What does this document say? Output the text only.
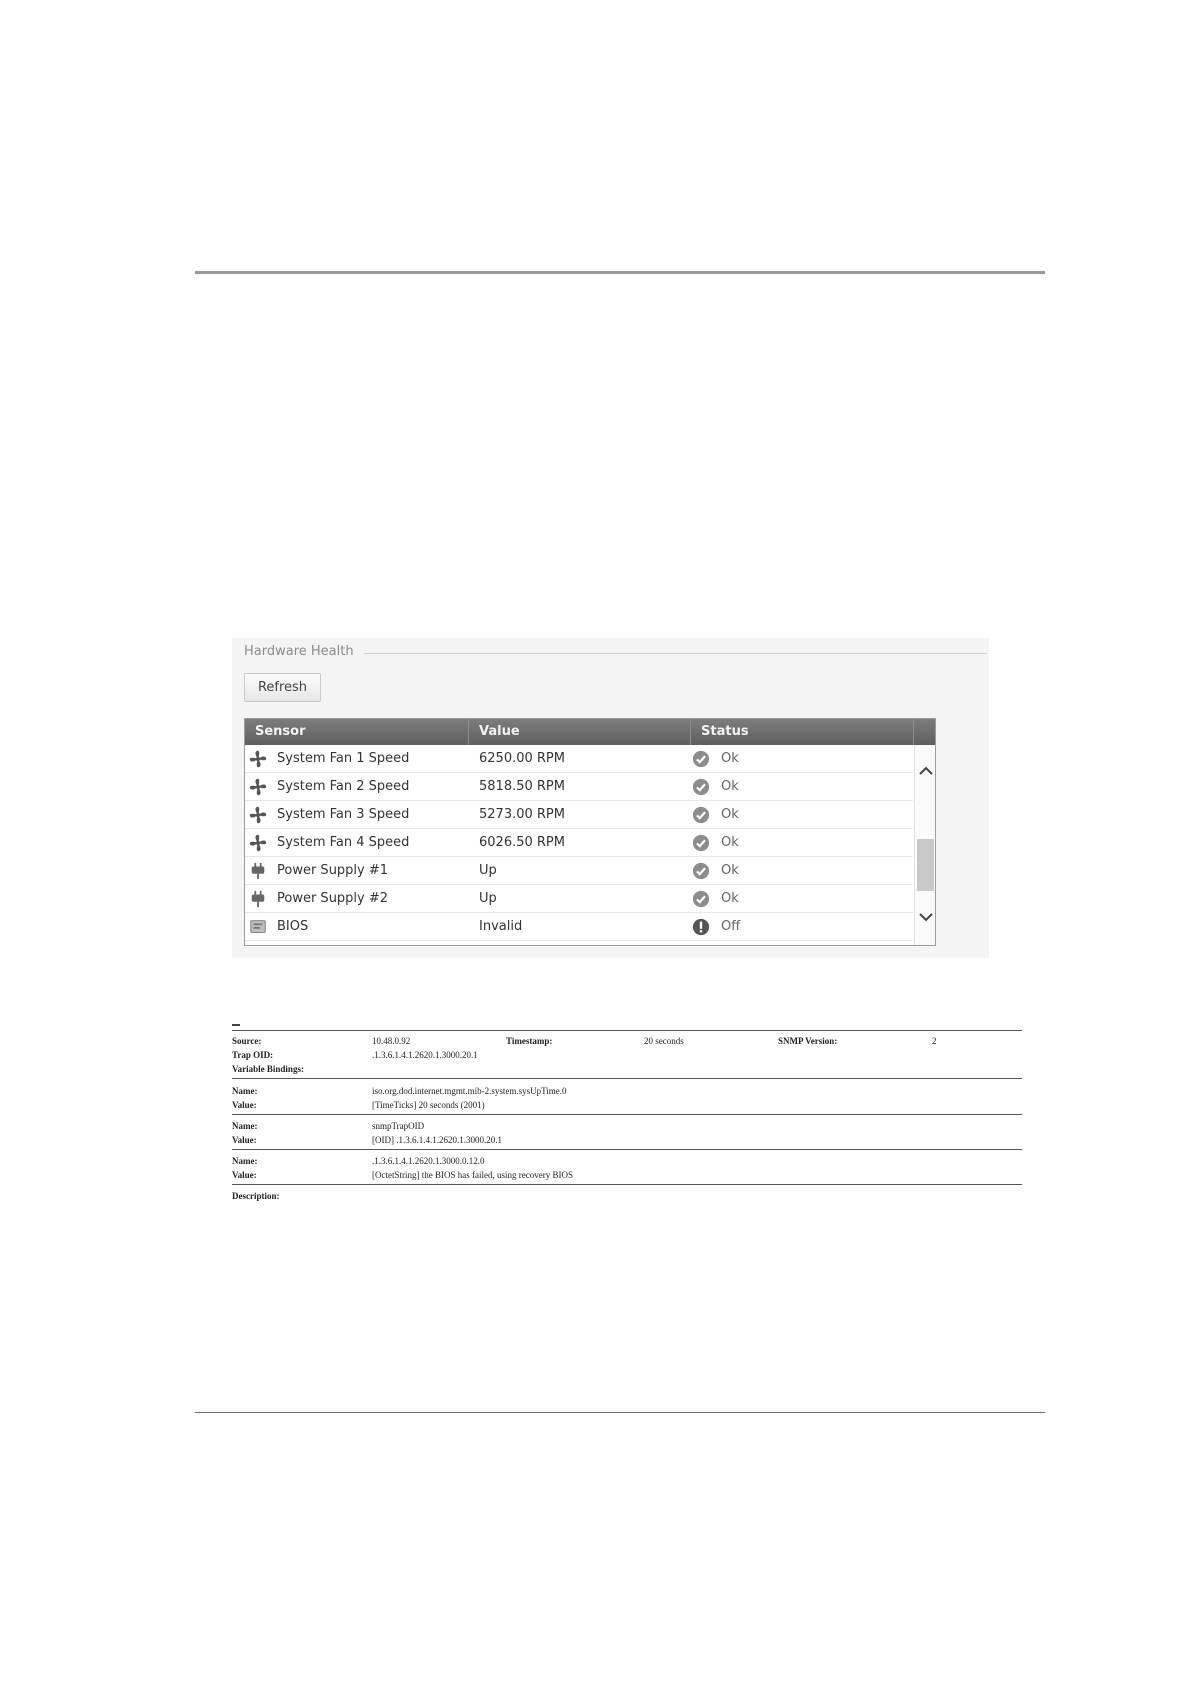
Hardware Health
Refresh
Sensor	Value	Status
System Fan 1 Speed	6250.00 RPM	Ok
System Fan 2 Speed	5818.50 RPM	Ok
System Fan 3 Speed	5273.00 RPM	Ok
System Fan 4 Speed	6026.50 RPM	Ok
Power Supply #1	Up	Ok
Power Supply #2	Up	Ok
BIOS	Invalid	Off
Source:	10.48.0.92	Timestamp:	20 seconds	SNMP Version:	2
Trap OID:	.1.3.6.1.4.1.2620.1.3000.20.1
Variable Bindings:
Name:	iso.org.dod.internet.mgmt.mib-2.system.sysUpTime.0
Value:	[TimeTicks] 20 seconds (2001)
Name:	snmpTrapOID
Value:	[OID] .1.3.6.1.4.1.2620.1.3000.20.1
Name:	.1.3.6.1.4.1.2620.1.3000.0.12.0
Value:	[OctetString] the BIOS has failed, using recovery BIOS
Description:
